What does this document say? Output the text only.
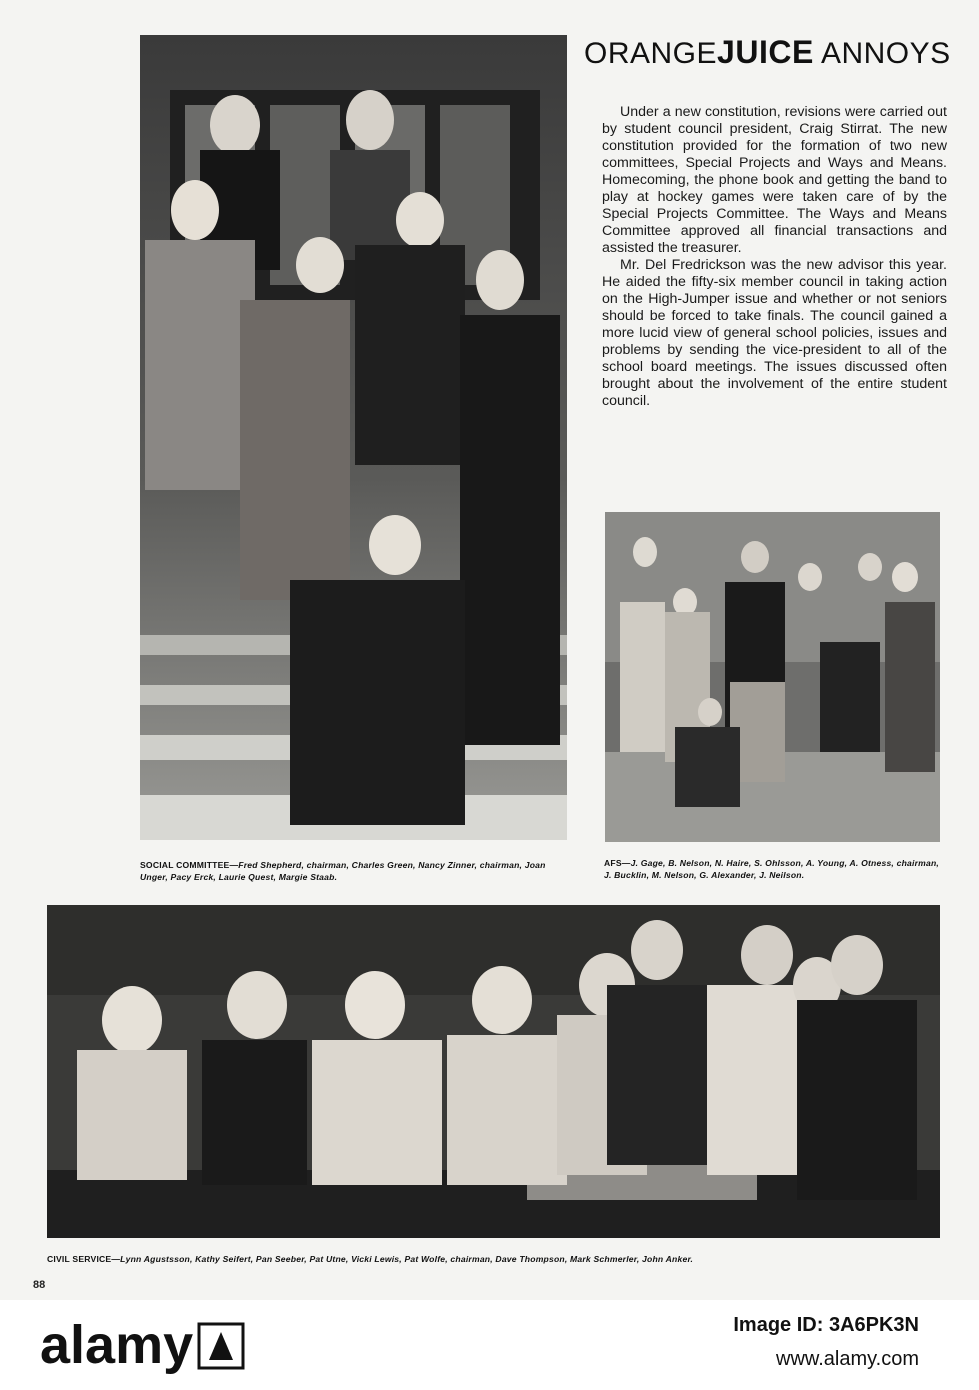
ORANGEJUICE ANNOYS

Under a new constitution, revisions were carried out by student council president, Craig Stirrat. The new constitution provided for the formation of two new committees, Special Projects and Ways and Means. Homecoming, the phone book and getting the band to play at hockey games were taken care of by the Special Projects Committee. The Ways and Means Committee approved all financial transactions and assisted the treasurer.

Mr. Del Fredrickson was the new advisor this year. He aided the fifty-six member council in taking action on the High-Jumper issue and whether or not seniors should be forced to take finals. The council gained a more lucid view of general school policies, issues and problems by sending the vice-president to all of the school board meetings. The issues discussed often brought about the involvement of the entire student council.

SOCIAL COMMITTEE—Fred Shepherd, chairman, Charles Green, Nancy Zinner, chairman, Joan Unger, Pacy Erck, Laurie Quest, Margie Staab.
AFS—J. Gage, B. Nelson, N. Haire, S. Ohlsson, A. Young, A. Otness, chairman, J. Bucklin, M. Nelson, G. Alexander, J. Neilson.
CIVIL SERVICE—Lynn Agustsson, Kathy Seifert, Pan Seeber, Pat Utne, Vicki Lewis, Pat Wolfe, chairman, Dave Thompson, Mark Schmerler, John Anker.
88
alamy	Image ID: 3A6PK3N
www.alamy.com
